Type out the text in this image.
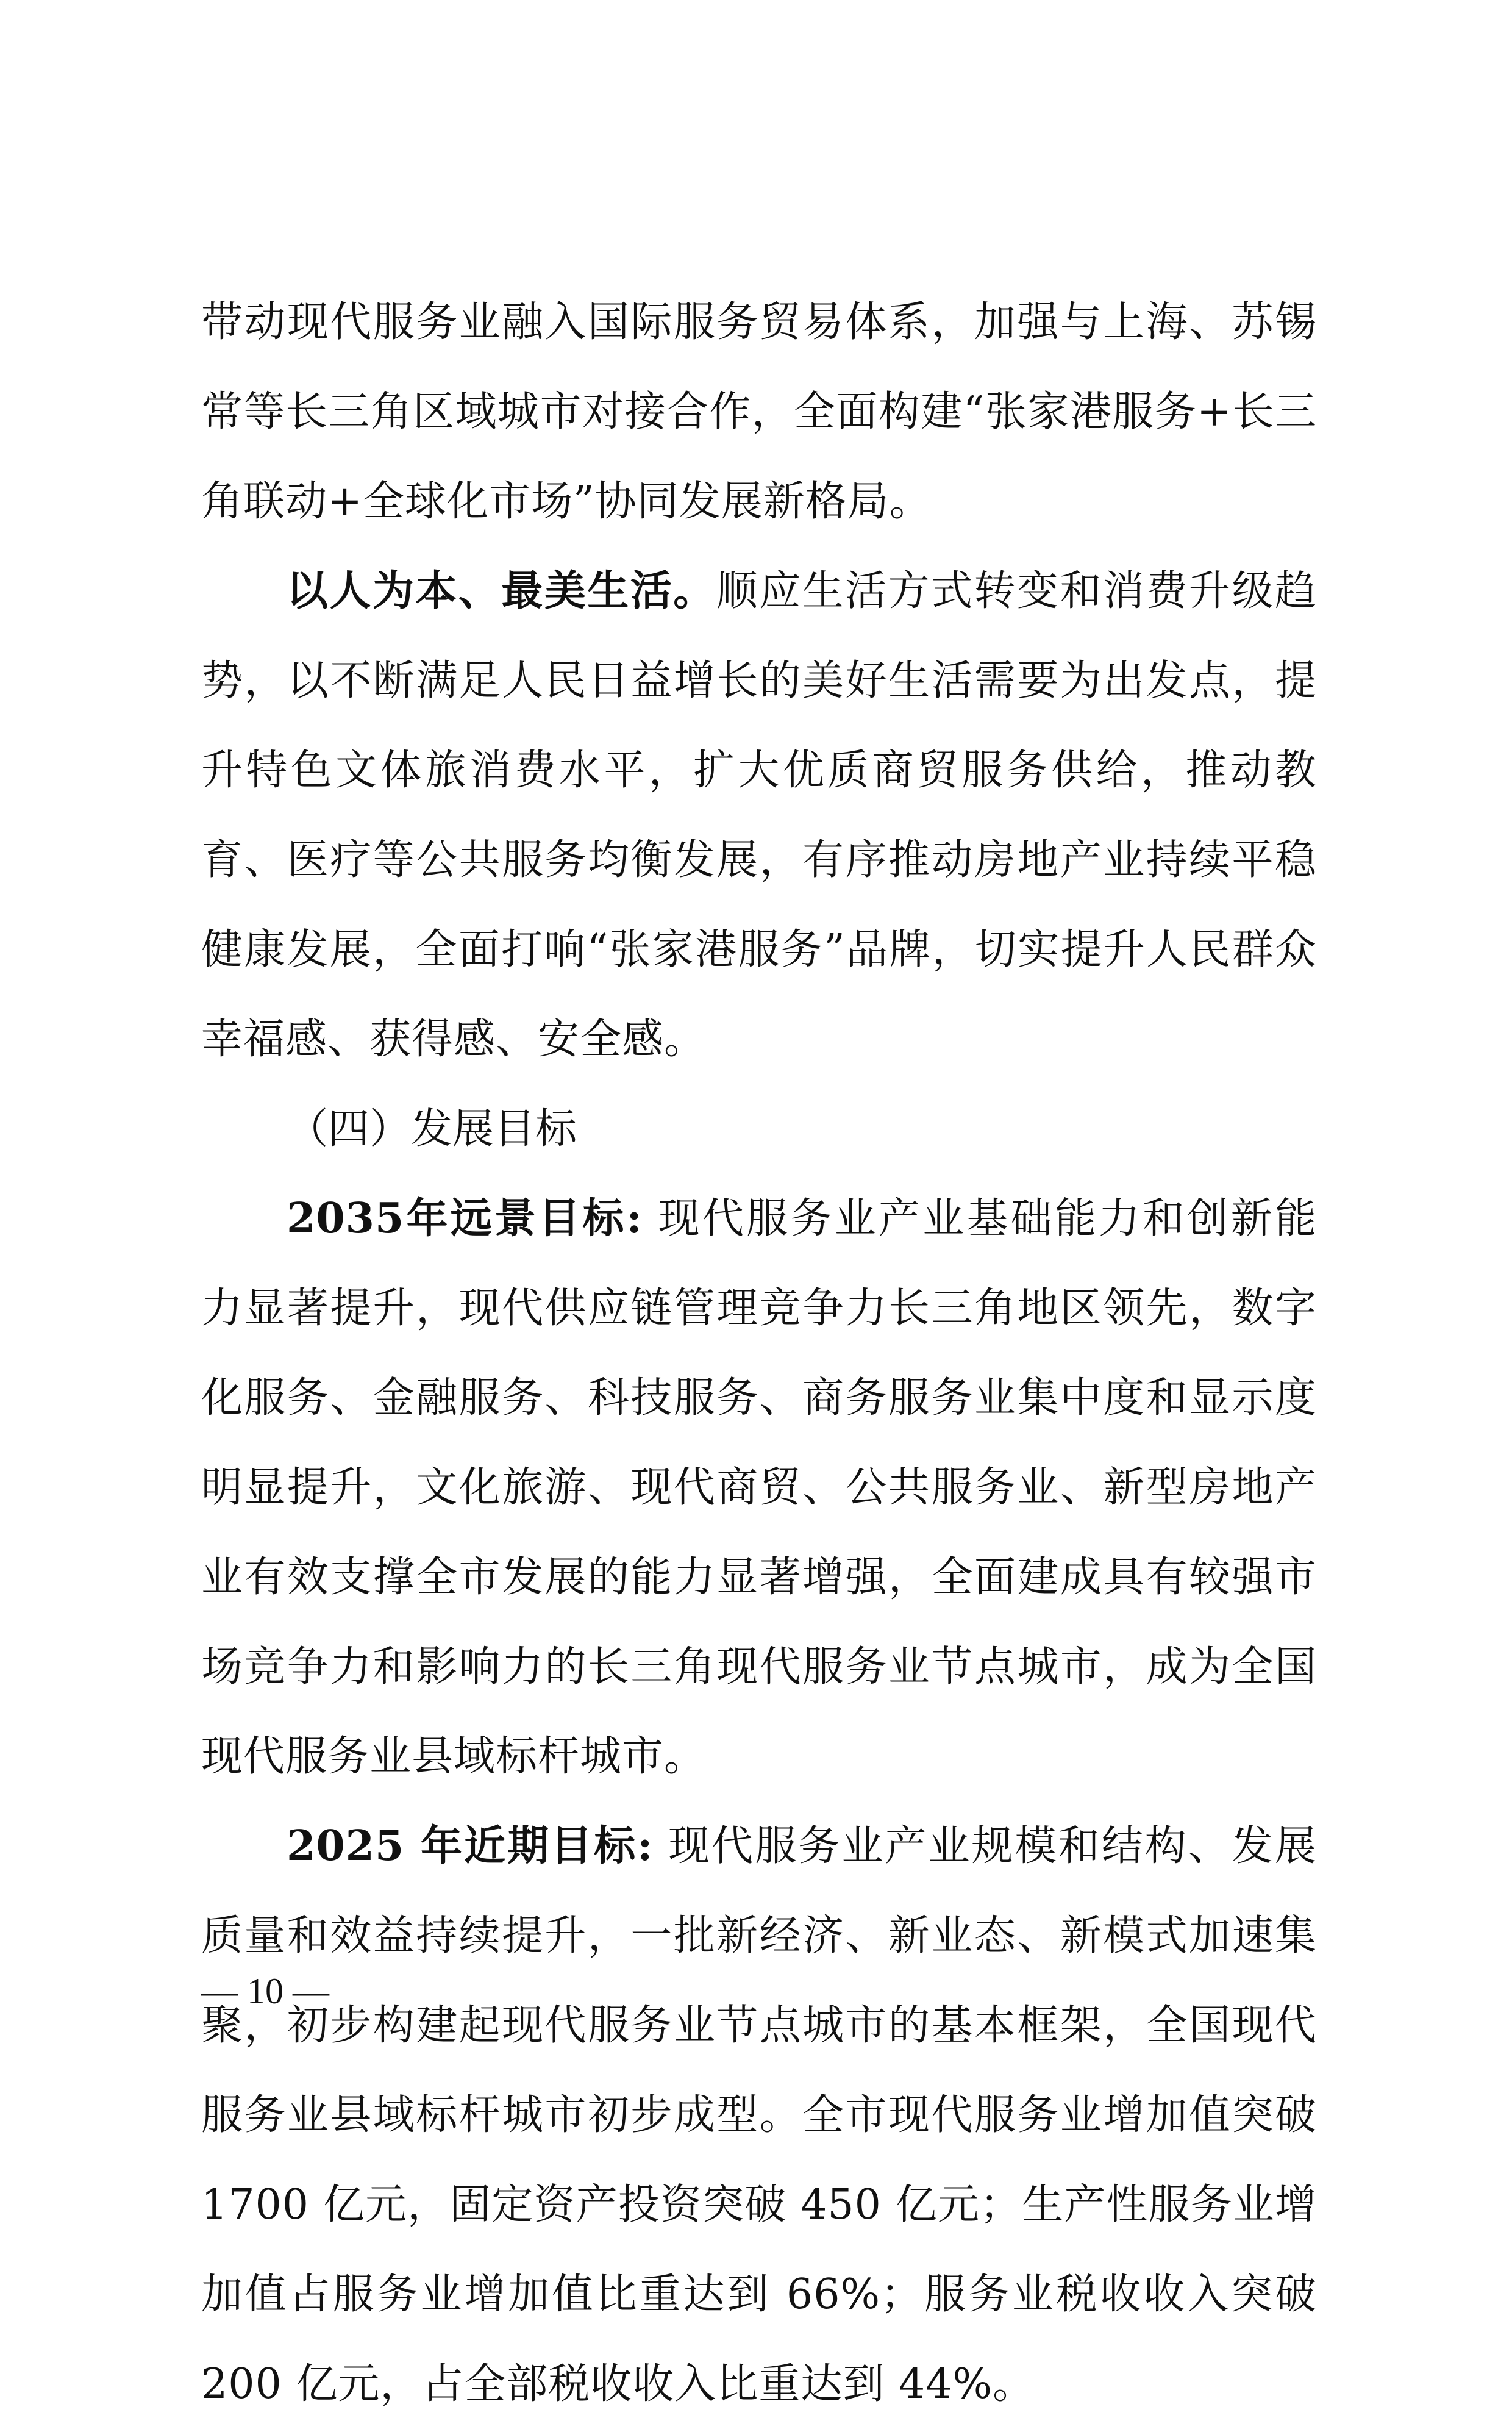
带动现代服务业融入国际服务贸易体系，加强与上海、苏锡常等长三角区域城市对接合作，全面构建“张家港服务+长三角联动+全球化市场”协同发展新格局。

以人为本、最美生活。顺应生活方式转变和消费升级趋势，以不断满足人民日益增长的美好生活需要为出发点，提升特色文体旅消费水平，扩大优质商贸服务供给，推动教育、医疗等公共服务均衡发展，有序推动房地产业持续平稳健康发展，全面打响“张家港服务”品牌，切实提升人民群众幸福感、获得感、安全感。

（四）发展目标

2035年远景目标: 现代服务业产业基础能力和创新能力显著提升，现代供应链管理竞争力长三角地区领先，数字化服务、金融服务、科技服务、商务服务业集中度和显示度明显提升，文化旅游、现代商贸、公共服务业、新型房地产业有效支撑全市发展的能力显著增强，全面建成具有较强市场竞争力和影响力的长三角现代服务业节点城市，成为全国现代服务业县域标杆城市。

2025 年近期目标: 现代服务业产业规模和结构、发展质量和效益持续提升，一批新经济、新业态、新模式加速集聚，初步构建起现代服务业节点城市的基本框架，全国现代服务业县域标杆城市初步成型。全市现代服务业增加值突破 1700 亿元，固定资产投资突破 450 亿元；生产性服务业增加值占服务业增加值比重达到 66%；服务业税收收入突破 200 亿元，占全部税收收入比重达到 44%。

— 10 —
